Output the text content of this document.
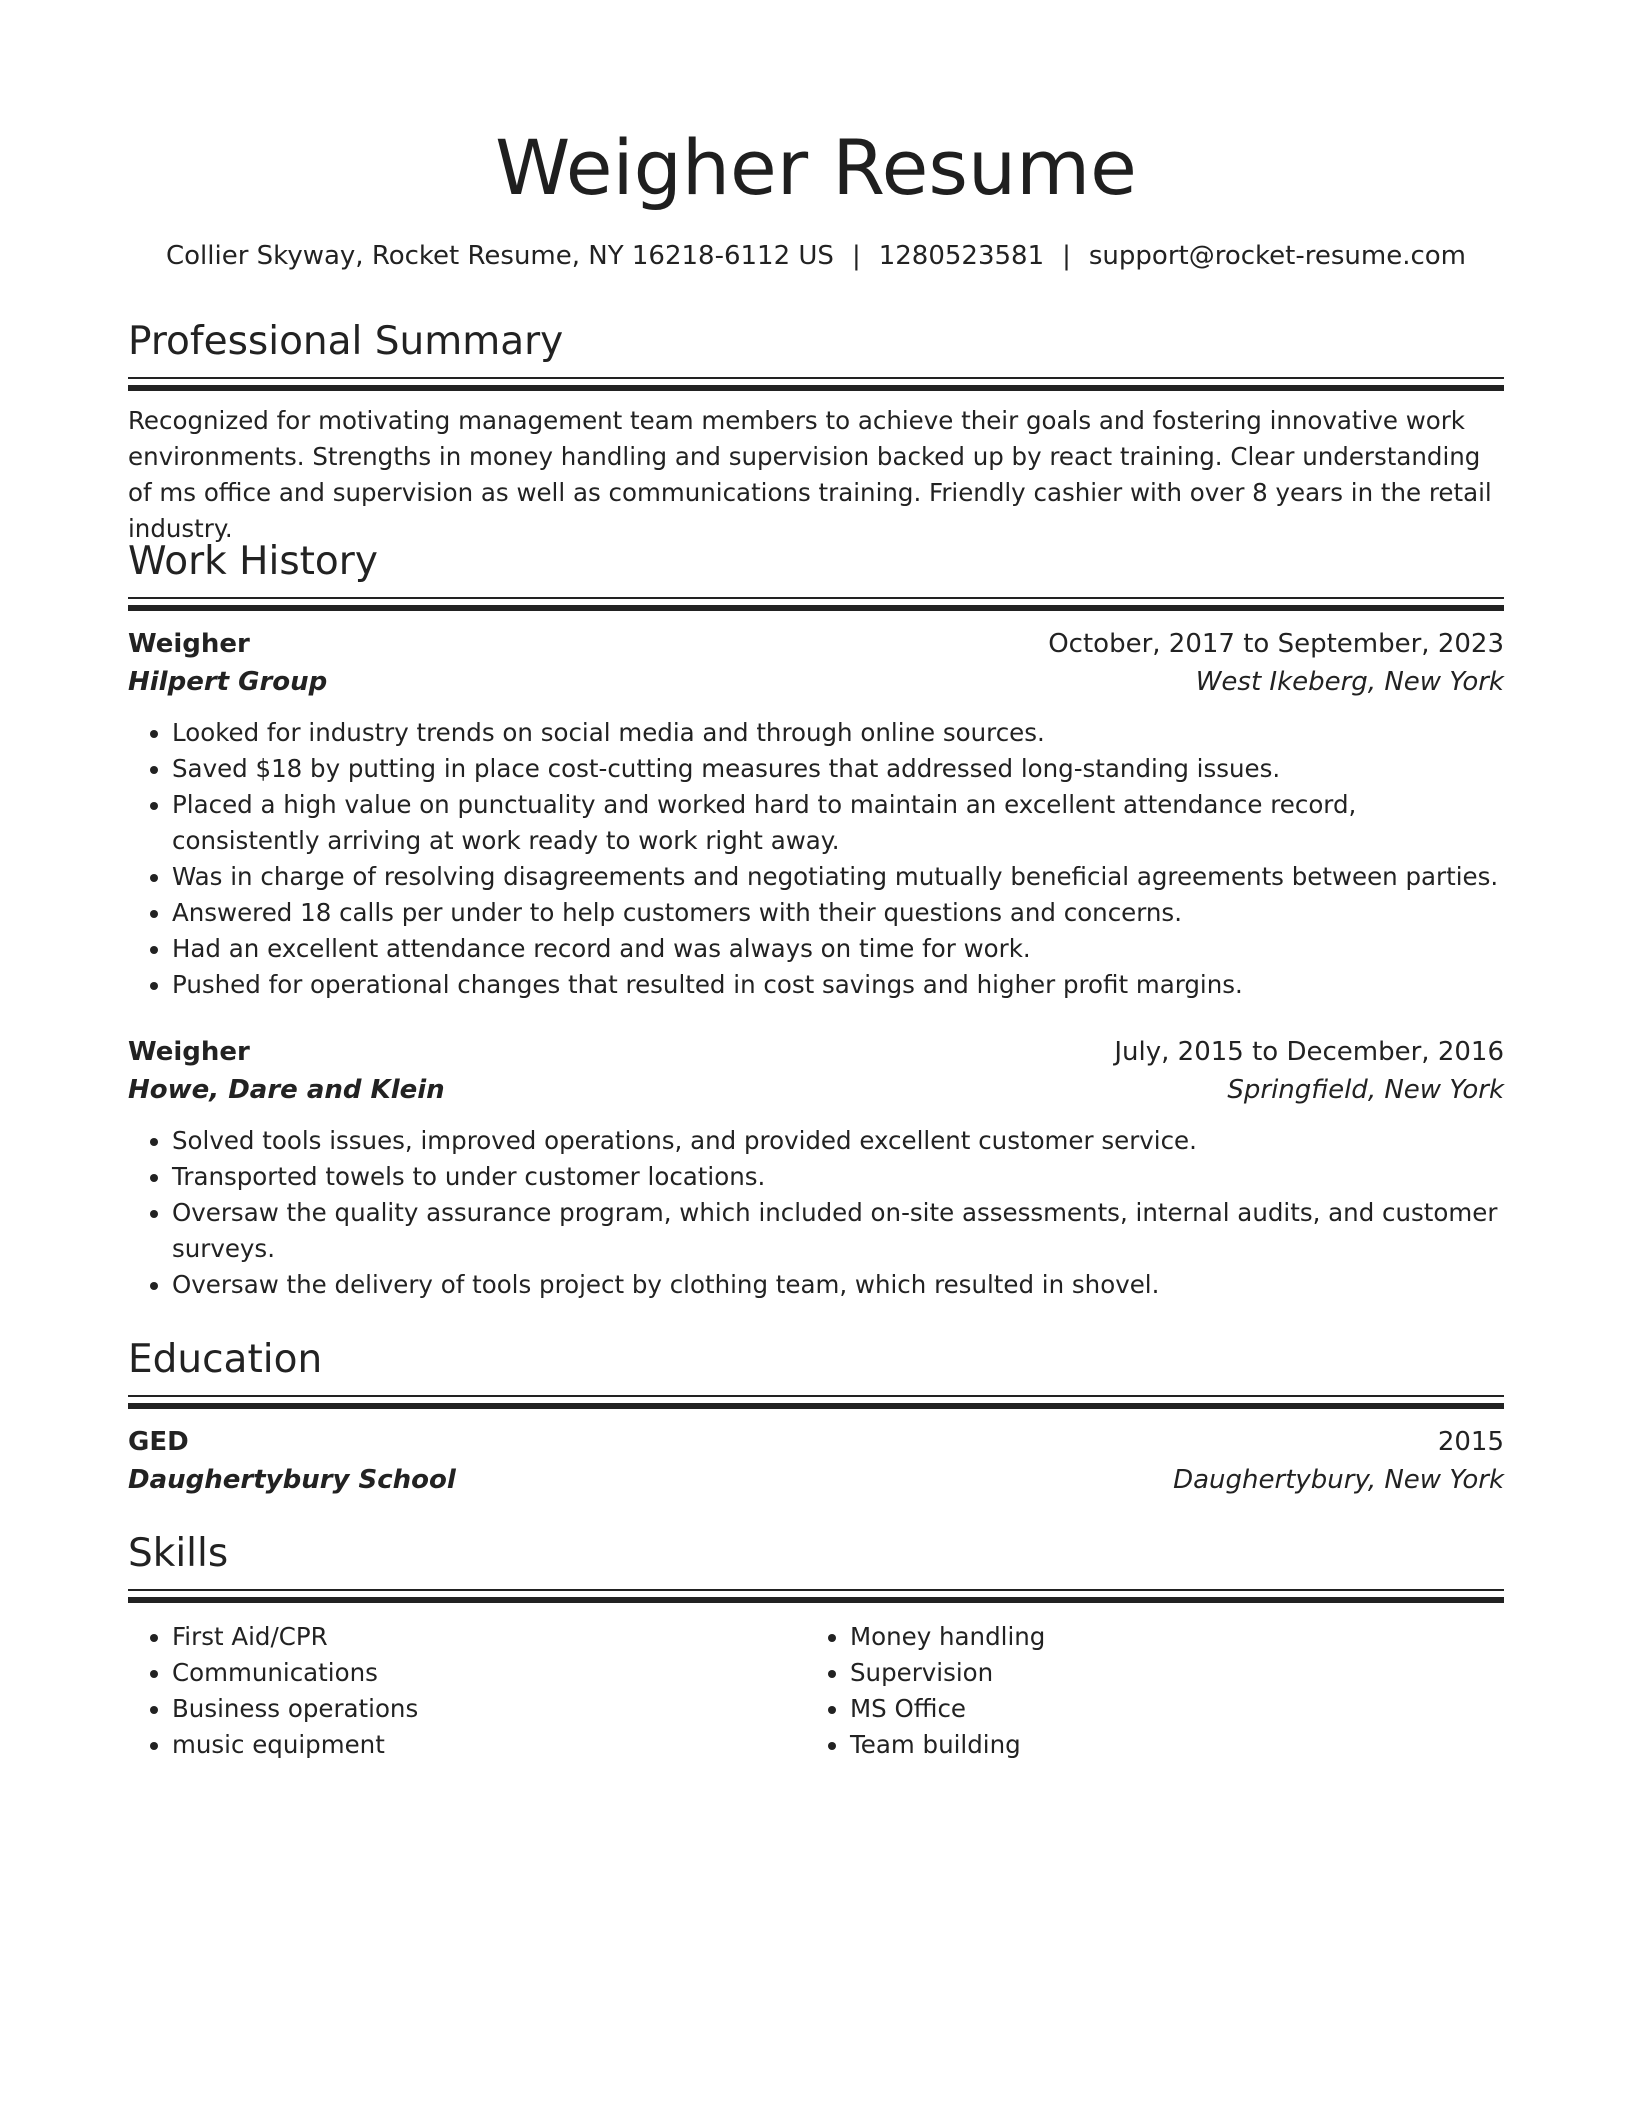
Weigher Resume
Collier Skyway, Rocket Resume, NY 16218-6112 US | 1280523581 | support@rocket-resume.com
Professional Summary
Recognized for motivating management team members to achieve their goals and fostering innovative work environments. Strengths in money handling and supervision backed up by react training. Clear understanding of ms office and supervision as well as communications training. Friendly cashier with over 8 years in the retail industry.
Work History
Weigher	October, 2017 to September, 2023
Hilpert Group	West Ikeberg, New York
• Looked for industry trends on social media and through online sources.
• Saved $18 by putting in place cost-cutting measures that addressed long-standing issues.
• Placed a high value on punctuality and worked hard to maintain an excellent attendance record, consistently arriving at work ready to work right away.
• Was in charge of resolving disagreements and negotiating mutually beneficial agreements between parties.
• Answered 18 calls per under to help customers with their questions and concerns.
• Had an excellent attendance record and was always on time for work.
• Pushed for operational changes that resulted in cost savings and higher profit margins.
Weigher	July, 2015 to December, 2016
Howe, Dare and Klein	Springfield, New York
• Solved tools issues, improved operations, and provided excellent customer service.
• Transported towels to under customer locations.
• Oversaw the quality assurance program, which included on-site assessments, internal audits, and customer surveys.
• Oversaw the delivery of tools project by clothing team, which resulted in shovel.
Education
GED	2015
Daughertybury School	Daughertybury, New York
Skills
• First Aid/CPR
• Communications
• Business operations
• music equipment
• Money handling
• Supervision
• MS Office
• Team building
